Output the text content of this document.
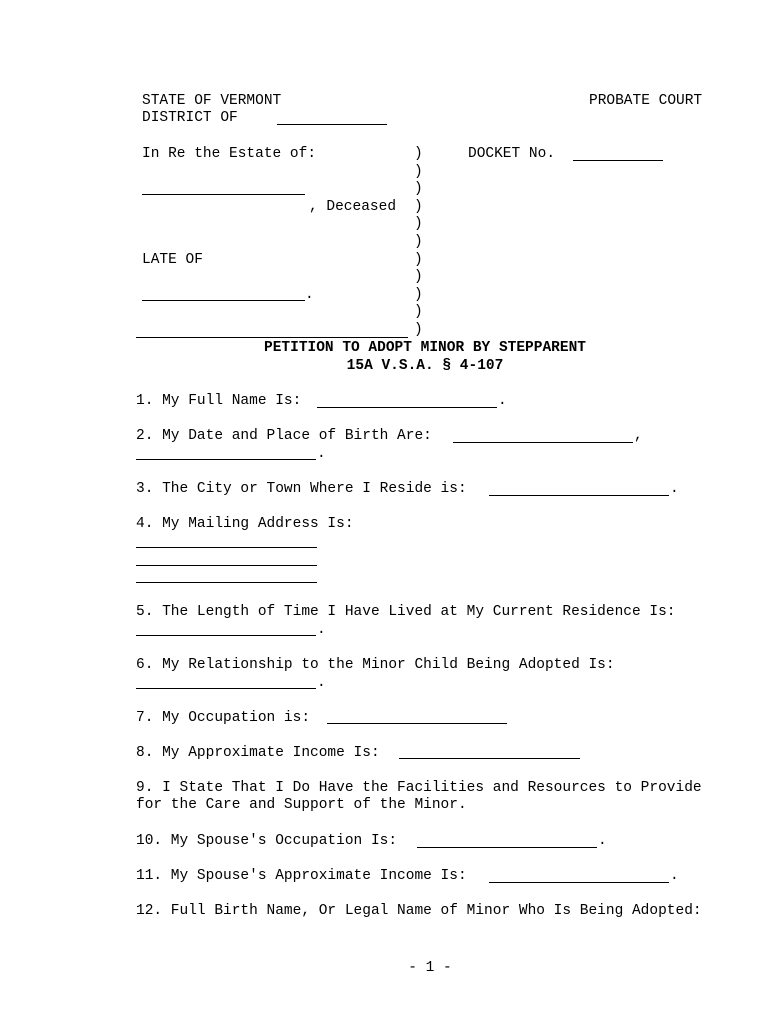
STATE OF VERMONT	PROBATE COURT
DISTRICT OF
In Re the Estate of:	DOCKET No.
, Deceased
LATE OF
.
)
)
)
)
)
)
)
)
)
)
)
PETITION TO ADOPT MINOR BY STEPPARENT
15A V.S.A. § 4-107
1. My Full Name Is:	.
2. My Date and Place of Birth Are:	,
.
3. The City or Town Where I Reside is:	.
4. My Mailing Address Is:
5. The Length of Time I Have Lived at My Current Residence Is:
.
6. My Relationship to the Minor Child Being Adopted Is:
.
7. My Occupation is:
8. My Approximate Income Is:
9. I State That I Do Have the Facilities and Resources to Provide
for the Care and Support of the Minor.
10. My Spouse's Occupation Is:	.
11. My Spouse's Approximate Income Is:	.
12. Full Birth Name, Or Legal Name of Minor Who Is Being Adopted:
- 1 -
